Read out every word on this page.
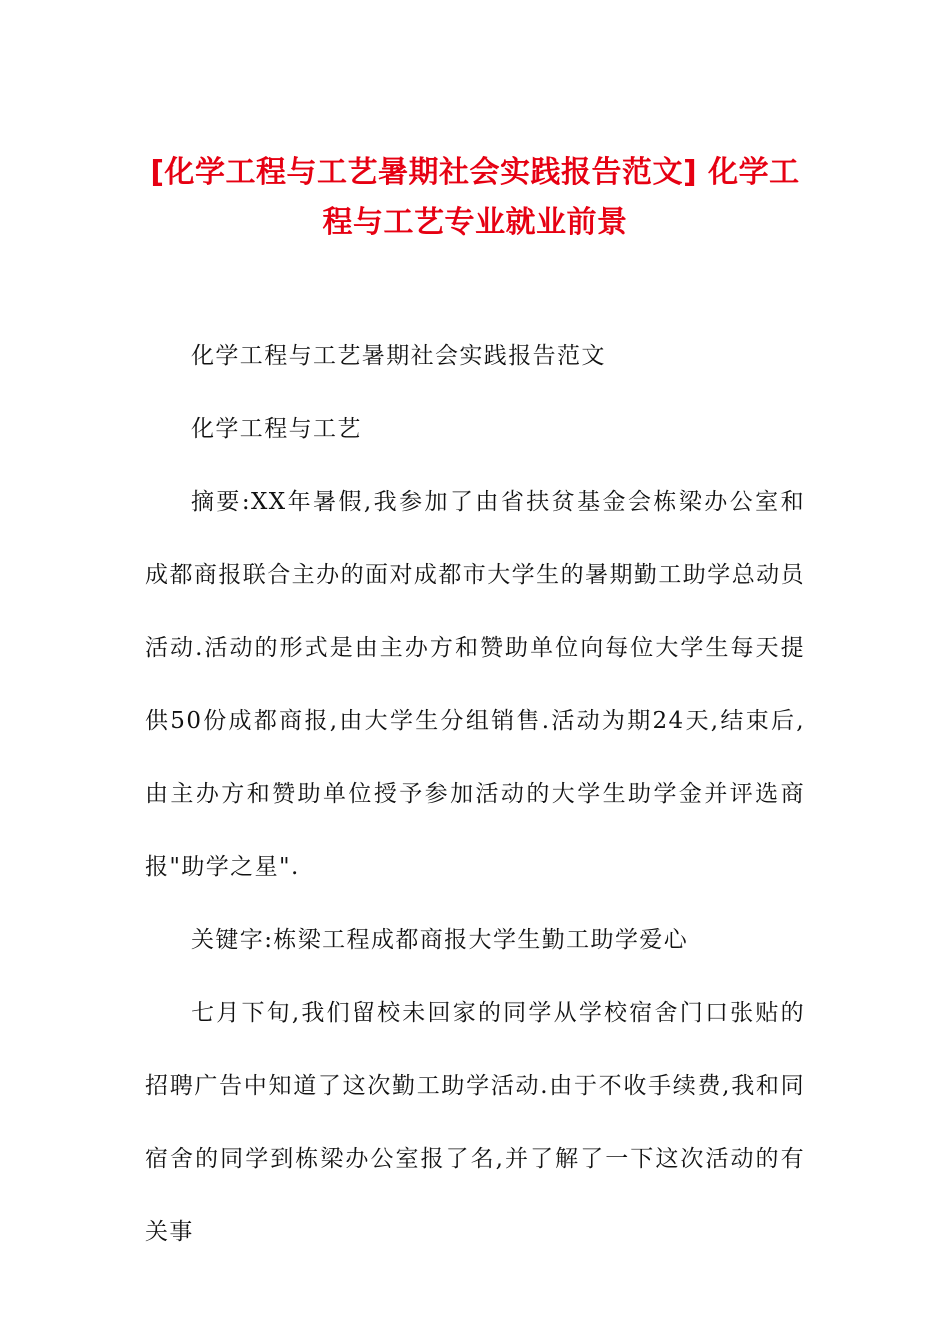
[化学工程与工艺暑期社会实践报告范文] 化学工程与工艺专业就业前景

化学工程与工艺暑期社会实践报告范文

化学工程与工艺

摘要:XX年暑假,我参加了由省扶贫基金会栋梁办公室和成都商报联合主办的面对成都市大学生的暑期勤工助学总动员活动.活动的形式是由主办方和赞助单位向每位大学生每天提供50份成都商报,由大学生分组销售.活动为期24天,结束后,由主办方和赞助单位授予参加活动的大学生助学金并评选商报"助学之星".

关键字:栋梁工程成都商报大学生勤工助学爱心

七月下旬,我们留校未回家的同学从学校宿舍门口张贴的招聘广告中知道了这次勤工助学活动.由于不收手续费,我和同宿舍的同学到栋梁办公室报了名,并了解了一下这次活动的有关事
